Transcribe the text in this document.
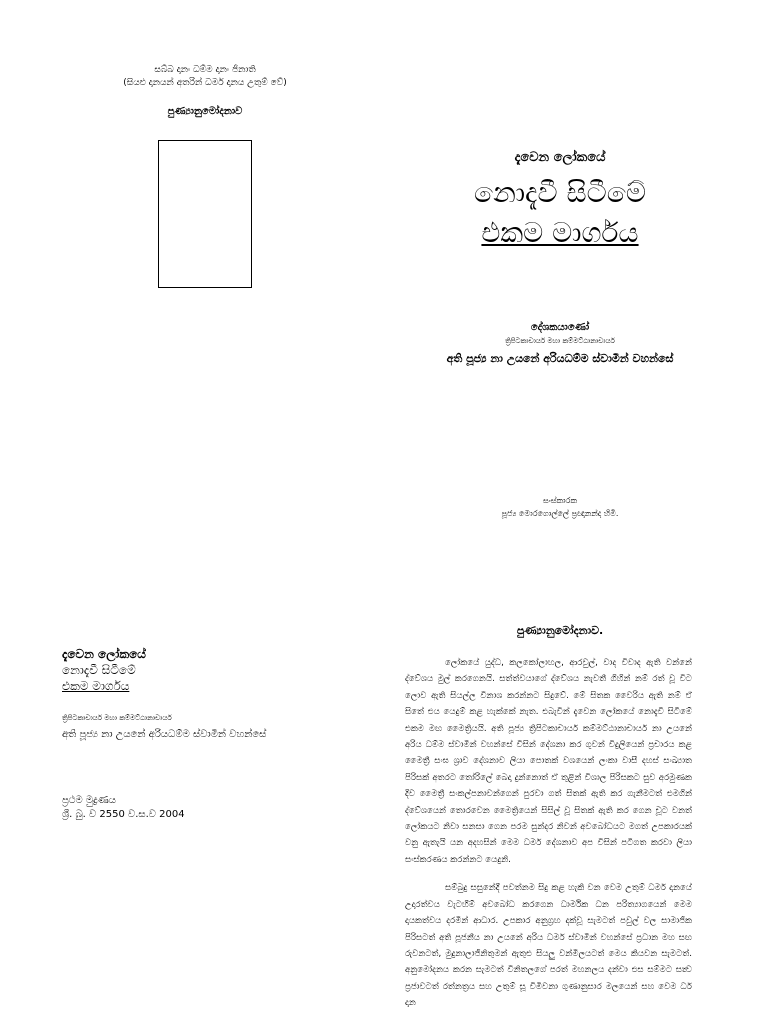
සබ්බ දානං ධම්ම දානං ජිනාති
(සියළු දානයන් අතරින් ධර්ම දානය උතුම් වේ)
පුණ්‍යානුමෝදනාව
දැවෙන ලෝකයේ
නොදැවී සිටීමේ
එකම මාර්ගය
ත්‍රිපිටකාචාර්ය මහා කම්මට්ඨානාචාර්ය
අති පූජ්‍ය නා උයනේ අරියධම්ම ස්වාමීන් වහන්සේ
ප්‍රථම මුද්‍රණය
ශ්‍රී. බු. ව 2550 ව.ස.ව 2004
දැවෙන ලෝකයේ
නොදැවී සිටීමේ
එකම මාර්ගය
දේශකයාණෝ
ත්‍රිපිටකාචාර්ය මහා කම්මට්ඨානාචාර්ය
අති පූජ්‍ය නා උයනේ අරියධම්ම ස්වාමීන් වහන්සේ
සංස්කාරක
පූජ්‍ය මොරගොල්ලේ ප්‍රඥානන්ද හිමි.
පුණ්‍යානුමෝදනාව.

ලෝකයේ යුද්ධ, කලකෝලාහල, ආරවුල්, වාද විවාද ඇති වන්නේ ද්වේශය මුල් කරගෙනයි. සත්ත්වයාගේ ද්වේශය නැවතී ගිහින් නම් රත් වූ විට ලොව ඇති සියල්ල විනාශ කරන්නට සිදුවේ. මේ සිතක වෛරිය ඇති නම් ඒ සිතේ එය යෙදුම් කළ හැක්කේ නැත. එබැවින් දැවෙන ලෝකයේ නොදැවී සිටීමේ එකම මඟ මෛත්‍රියයි. අති පූජ්‍ය ත්‍රිපිටකාචාර්ය කම්මට්ඨානාචාර්ය නා උයනේ අරිය ධම්ම ස්වාමීන් වහන්සේ විසින් දේශනා කර ගුවන් විදුලියෙන් ප්‍රචාරය කළ මෛත්‍රී සංඝ ශ්‍රාව දේශනාව ලියා පොතක් වශයෙන් ලංකා වාසී දහස් සංඛ්‍යාත පිරිසක් අතරට තෝරිලේ බෙදා දුන්නොත් ඒ තුළින් විශාල පිරිසකට සුව අරමුණක දිව මෛත්‍රී සංකල්පනාවන්ගෙන් පුරවා ගත් සිතක් ඇති කර ගැනීමටත් එමගින් ද්වේශයෙන් තොරවෙන මෛත්‍රියෙන් සිසිල් වූ සිතක් ඇති කර ගෙන චූට වනත් ලෝකයට නිවා සනසා ගෙන පරම සුන්දර නිවන් අවබෝධයට මගත් උපකාරයක් වනු ඇතැයි යන අදහසින් මෙම ධර්ම දේශනාව අප විසින් පටිගත කරවා ලියා සංස්කරණය කරන්නට යෙදුනි.

සම්බුදු සසුනේදී පවත්නම සිදු කළ හැකි වන වෙම උතුම් ධර්ම දානයේ උදාරත්වය වැටහීම් අවබෝධ කරගෙන ධාර්මික ධන පරිත්‍යාගයෙන් මෙම දායකත්වය දරමින් ආධාර. උපකාර අනුග්‍රහ දක්වූ සැමටත් පවුල් වල සාමාජික පිරිසටත් අති පූජනීය නා උයනේ අරිය ධර්ම ස්වාමීන් වහන්සේ ප්‍රධාන මහ සඟ රුවනටත්, මුදුනාලාජිනිතුමන් ඇතුළු සියලු වන්මිලයටත් මෙය කියවන සැමටත්. අනුමෝදනය කරන සැමටත් විනිතලගේ පරත් මහනලය දන්වා එස සම්මට සත්‍ව ප්‍රජාවටත් රත්නත්‍රය සහ උතුම් සූ විමිවනා ගුණානුසාර මලයෙන් සහ වෙම ධර් දාන
